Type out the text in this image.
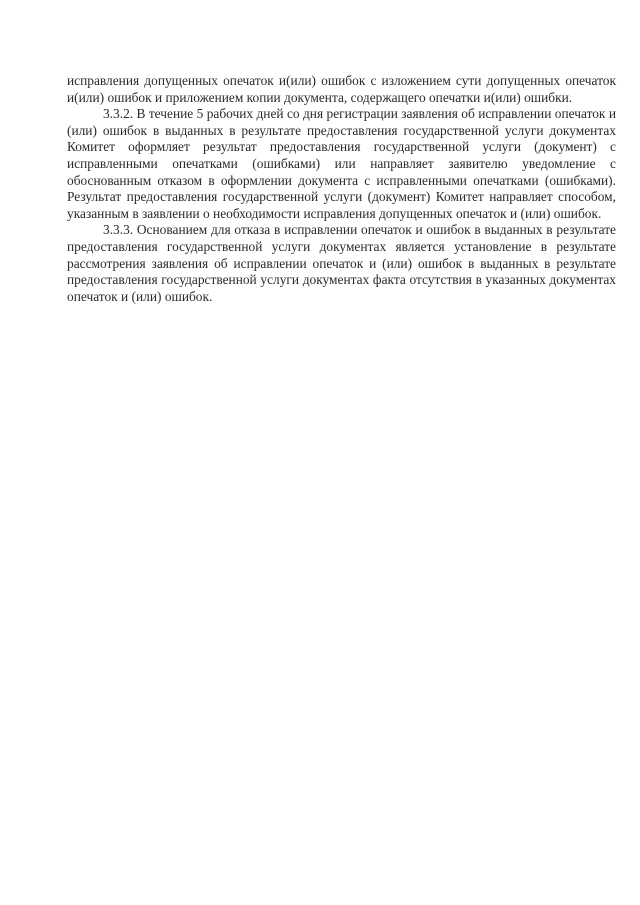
исправления допущенных опечаток и(или) ошибок с изложением сути допущенных опечаток и(или) ошибок и приложением копии документа, содержащего опечатки и(или) ошибки.

3.3.2. В течение 5 рабочих дней со дня регистрации заявления об исправлении опечаток и (или) ошибок в выданных в результате предоставления государственной услуги документах Комитет оформляет результат предоставления государственной услуги (документ) с исправленными опечатками (ошибками) или направляет заявителю уведомление с обоснованным отказом в оформлении документа с исправленными опечатками (ошибками). Результат предоставления государственной услуги (документ) Комитет направляет способом, указанным в заявлении о необходимости исправления допущенных опечаток и (или) ошибок.

3.3.3. Основанием для отказа в исправлении опечаток и ошибок в выданных в результате предоставления государственной услуги документах является установление в результате рассмотрения заявления об исправлении опечаток и (или) ошибок в выданных в результате предоставления государственной услуги документах факта отсутствия в указанных документах опечаток и (или) ошибок.
